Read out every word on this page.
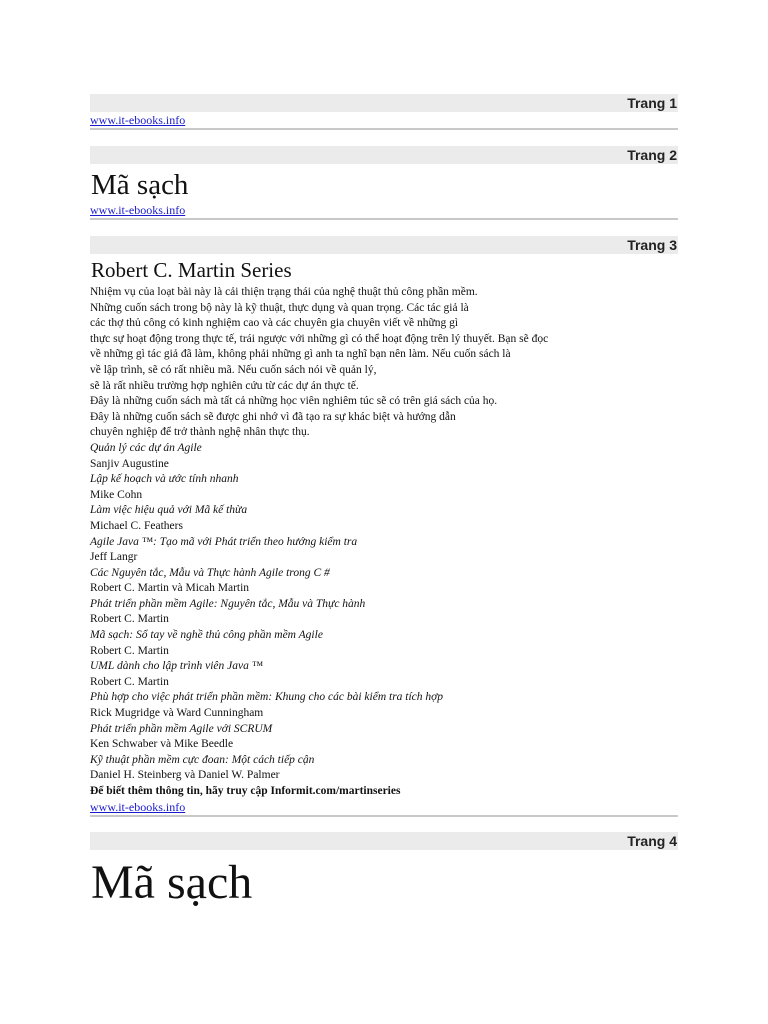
Trang 1
www.it-ebooks.info
Trang 2
Mã sạch
www.it-ebooks.info
Trang 3
Robert C. Martin Series

Nhiệm vụ của loạt bài này là cải thiện trạng thái của nghệ thuật thủ công phần mềm.

Những cuốn sách trong bộ này là kỹ thuật, thực dụng và quan trọng. Các tác giả là

các thợ thủ công có kinh nghiệm cao và các chuyên gia chuyên viết về những gì

thực sự hoạt động trong thực tế, trái ngược với những gì có thể hoạt động trên lý thuyết. Bạn sẽ đọc

về những gì tác giả đã làm, không phải những gì anh ta nghĩ bạn nên làm. Nếu cuốn sách là

về lập trình, sẽ có rất nhiều mã. Nếu cuốn sách nói về quản lý,

sẽ là rất nhiều trường hợp nghiên cứu từ các dự án thực tế.

Đây là những cuốn sách mà tất cả những học viên nghiêm túc sẽ có trên giá sách của họ.

Đây là những cuốn sách sẽ được ghi nhớ vì đã tạo ra sự khác biệt và hướng dẫn

chuyên nghiệp để trở thành nghệ nhân thực thụ.

Quản lý các dự án Agile

Sanjiv Augustine

Lập kế hoạch và ước tính nhanh

Mike Cohn

Làm việc hiệu quả với Mã kế thừa

Michael C. Feathers

Agile Java ™: Tạo mã với Phát triển theo hướng kiểm tra

Jeff Langr

Các Nguyên tắc, Mẫu và Thực hành Agile trong C #

Robert C. Martin và Micah Martin

Phát triển phần mềm Agile: Nguyên tắc, Mẫu và Thực hành

Robert C. Martin

Mã sạch: Sổ tay về nghề thủ công phần mềm Agile

Robert C. Martin

UML dành cho lập trình viên Java ™

Robert C. Martin

Phù hợp cho việc phát triển phần mềm: Khung cho các bài kiểm tra tích hợp

Rick Mugridge và Ward Cunningham

Phát triển phần mềm Agile với SCRUM

Ken Schwaber và Mike Beedle

Kỹ thuật phần mềm cực đoan: Một cách tiếp cận

Daniel H. Steinberg và Daniel W. Palmer

Để biết thêm thông tin, hãy truy cập Informit.com/martinseries

www.it-ebooks.info
Trang 4
Mã sạch
